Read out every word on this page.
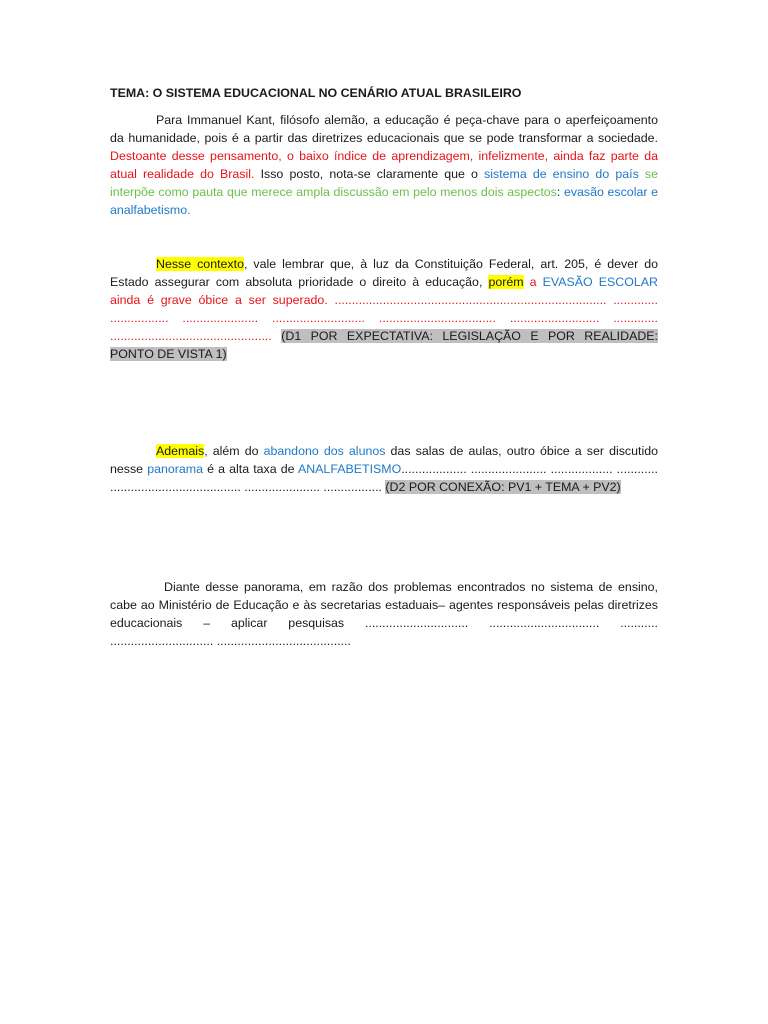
TEMA: O SISTEMA EDUCACIONAL NO CENÁRIO ATUAL BRASILEIRO

Para Immanuel Kant, filósofo alemão, a educação é peça-chave para o aperfeiçoamento da humanidade, pois é a partir das diretrizes educacionais que se pode transformar a sociedade. Destoante desse pensamento, o baixo índice de aprendizagem, infelizmente, ainda faz parte da atual realidade do Brasil. Isso posto, nota-se claramente que o sistema de ensino do país se interpõe como pauta que merece ampla discussão em pelo menos dois aspectos: evasão escolar e analfabetismo.

Nesse contexto, vale lembrar que, à luz da Constituição Federal, art. 205, é dever do Estado assegurar com absoluta prioridade o direito à educação, porém a EVASÃO ESCOLAR ainda é grave óbice a ser superado. ............................................................................... ............. ................. ...................... ........................... .................................. .......................... ............. ............................................... (D1 POR EXPECTATIVA: LEGISLAÇÃO E POR REALIDADE: PONTO DE VISTA 1)

Ademais, além do abandono dos alunos das salas de aulas, outro óbice a ser discutido nesse panorama é a alta taxa de ANALFABETISMO................... ...................... .................. ............ ...................................... ...................... ................. (D2 POR CONEXÃO: PV1 + TEMA + PV2)

Diante desse panorama, em razão dos problemas encontrados no sistema de ensino, cabe ao Ministério de Educação e às secretarias estaduais– agentes responsáveis pelas diretrizes educacionais – aplicar pesquisas .............................. ................................ ........... .............................. .......................................
